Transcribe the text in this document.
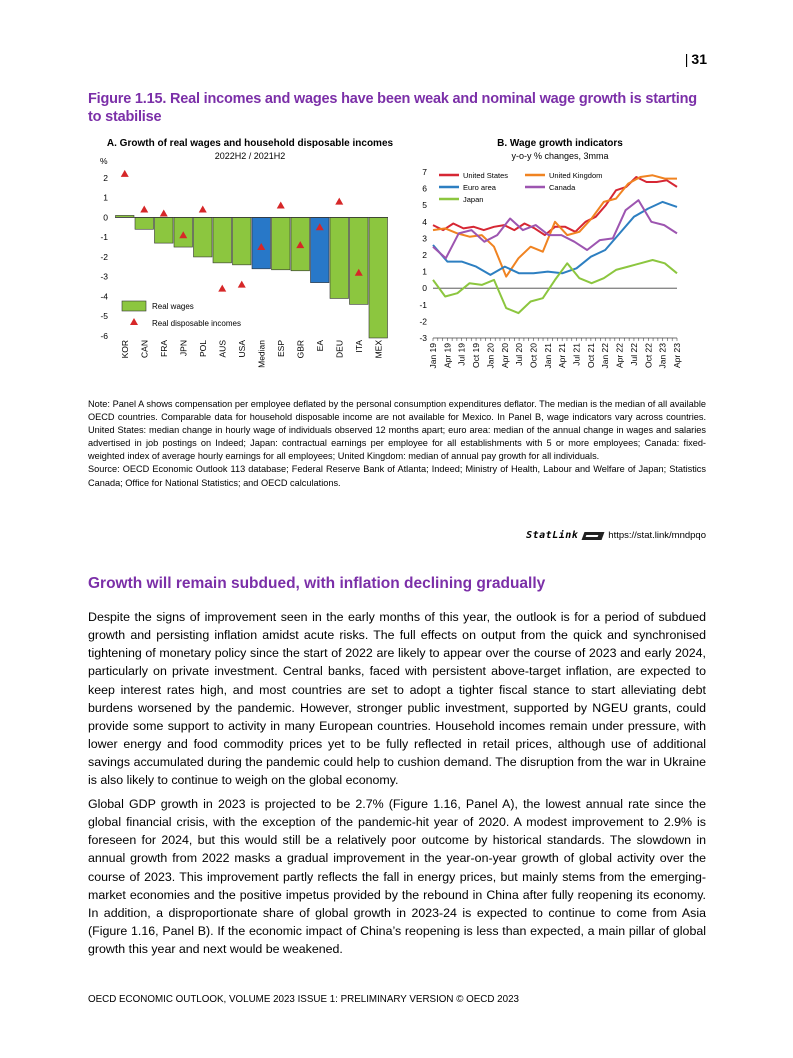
| 31
Figure 1.15. Real incomes and wages have been weak and nominal wage growth is starting to stabilise
A. Growth of real wages and household disposable incomes
2022H2 / 2021H2
%
2
1
0
-1
-2
-3
-4
-5
-6
KOR CAN FRA JPN POL AUS USA Median ESP GBR EA DEU ITA MEX
Real wages
Real disposable incomes
B. Wage growth indicators
y-o-y % changes, 3mma
7
6
5
4
3
2
1
0
-1
-2
-3
Jan 19 Apr 19 Jul 19 Oct 19 Jan 20 Apr 20 Jul 20 Oct 20 Jan 21 Apr 21 Jul 21 Oct 21 Jan 22 Apr 22 Jul 22 Oct 22 Jan 23 Apr 23
United States	United Kingdom
Euro area	Canada
Japan
Note: Panel A shows compensation per employee deflated by the personal consumption expenditures deflator. The median is the median of all available OECD countries. Comparable data for household disposable income are not available for Mexico. In Panel B, wage indicators vary across countries. United States: median change in hourly wage of individuals observed 12 months apart; euro area: median of the annual change in wages and salaries advertised in job postings on Indeed; Japan: contractual earnings per employee for all establishments with 5 or more employees; Canada: fixed-weighted index of average hourly earnings for all employees; United Kingdom: median of annual pay growth for all individuals.
Source: OECD Economic Outlook 113 database; Federal Reserve Bank of Atlanta; Indeed; Ministry of Health, Labour and Welfare of Japan; Statistics Canada; Office for National Statistics; and OECD calculations.
StatLink	https://stat.link/mndpqo
Growth will remain subdued, with inflation declining gradually
Despite the signs of improvement seen in the early months of this year, the outlook is for a period of subdued growth and persisting inflation amidst acute risks. The full effects on output from the quick and synchronised tightening of monetary policy since the start of 2022 are likely to appear over the course of 2023 and early 2024, particularly on private investment. Central banks, faced with persistent above-target inflation, are expected to keep interest rates high, and most countries are set to adopt a tighter fiscal stance to start alleviating debt burdens worsened by the pandemic. However, stronger public investment, supported by NGEU grants, could provide some support to activity in many European countries. Household incomes remain under pressure, with lower energy and food commodity prices yet to be fully reflected in retail prices, although use of additional savings accumulated during the pandemic could help to cushion demand. The disruption from the war in Ukraine is also likely to continue to weigh on the global economy.
Global GDP growth in 2023 is projected to be 2.7% (Figure 1.16, Panel A), the lowest annual rate since the global financial crisis, with the exception of the pandemic-hit year of 2020. A modest improvement to 2.9% is foreseen for 2024, but this would still be a relatively poor outcome by historical standards. The slowdown in annual growth from 2022 masks a gradual improvement in the year-on-year growth of global activity over the course of 2023. This improvement partly reflects the fall in energy prices, but mainly stems from the emerging-market economies and the positive impetus provided by the rebound in China after fully reopening its economy. In addition, a disproportionate share of global growth in 2023-24 is expected to continue to come from Asia (Figure 1.16, Panel B). If the economic impact of China’s reopening is less than expected, a main pillar of global growth this year and next would be weakened.
OECD ECONOMIC OUTLOOK, VOLUME 2023 ISSUE 1: PRELIMINARY VERSION © OECD 2023
